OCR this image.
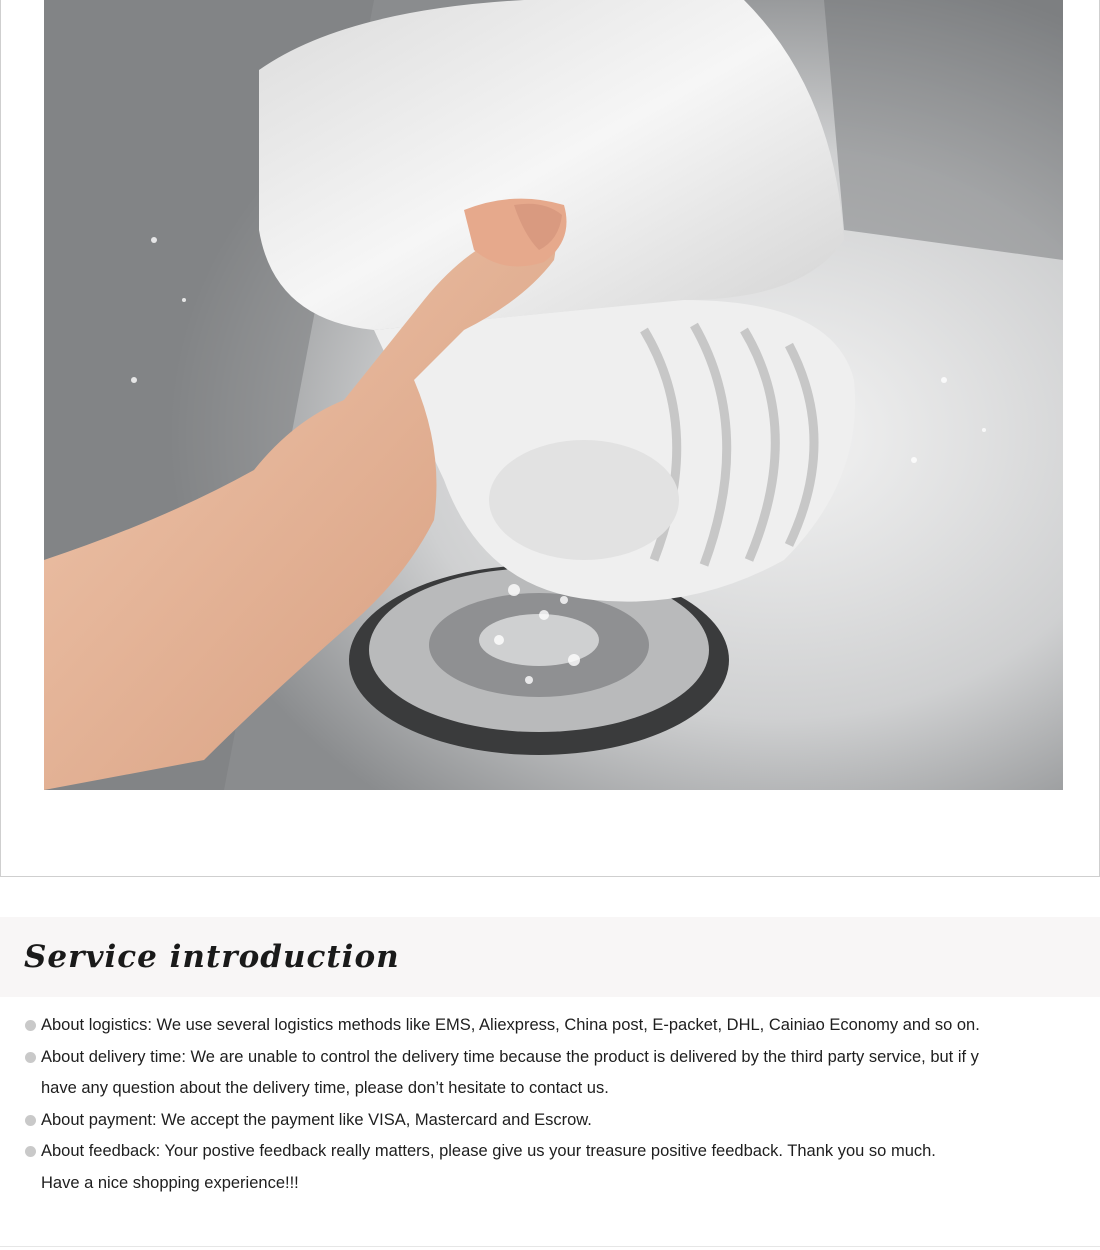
Service introduction
About logistics: We use several logistics methods like EMS, Aliexpress, China post, E-packet, DHL, Cainiao Economy and so on.
About delivery time: We are unable to control the delivery time because the product is delivered by the third party service, but if y
have any question about the delivery time, please don’t hesitate to contact us.
About payment: We accept the payment like VISA, Mastercard and Escrow.
About feedback: Your postive feedback really matters, please give us your treasure positive feedback. Thank you so much.
Have a nice shopping experience!!!
